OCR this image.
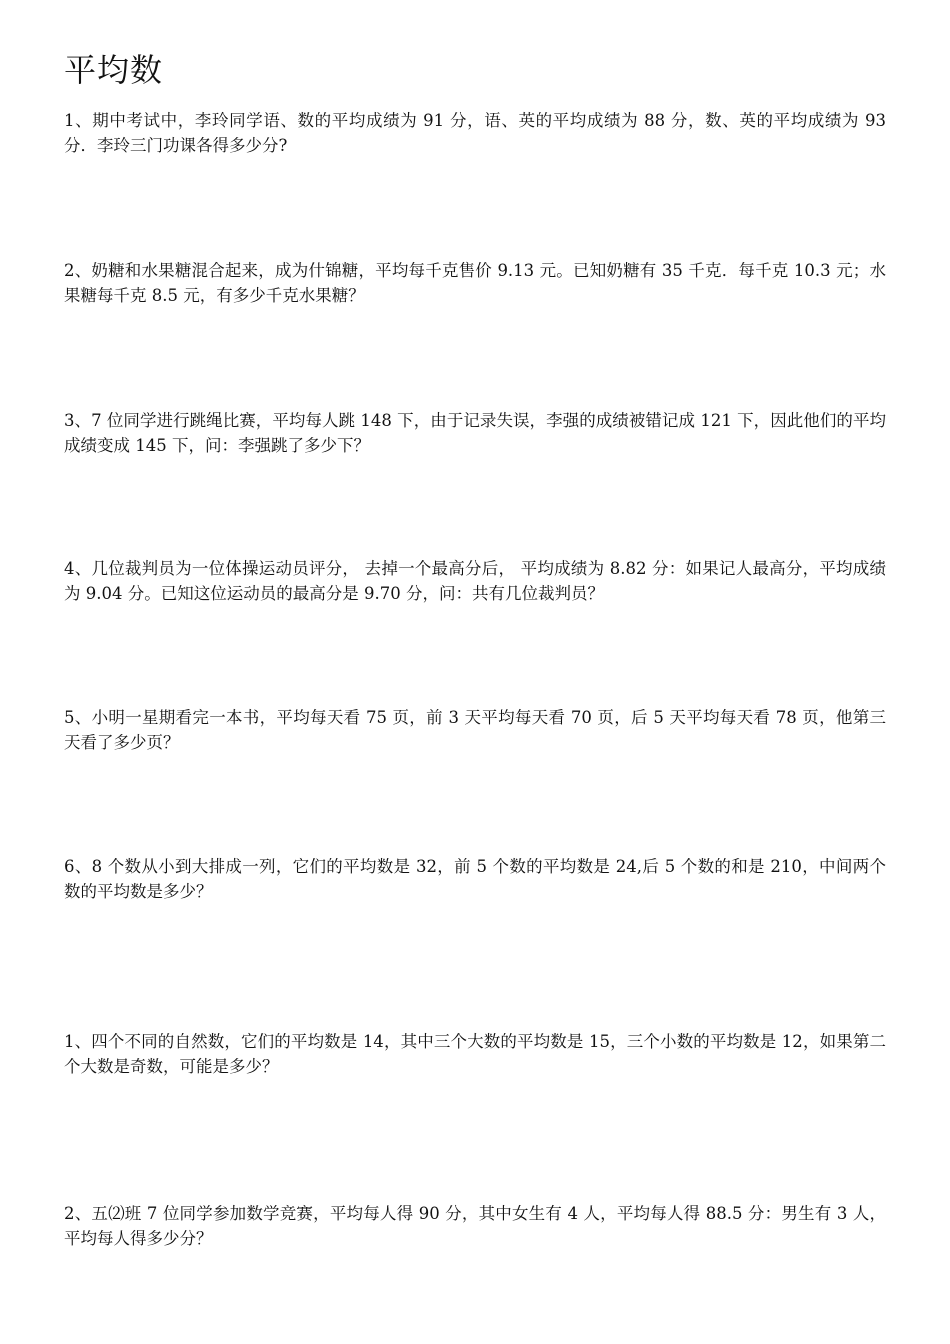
平均数

1、期中考试中，李玲同学语、数的平均成绩为 91 分，语、英的平均成绩为 88 分，数、英的平均成绩为 93 分．李玲三门功课各得多少分?

2、奶糖和水果糖混合起来，成为什锦糖，平均每千克售价 9.13 元。已知奶糖有 35 千克．每千克 10.3 元；水果糖每千克 8.5 元，有多少千克水果糖？

3、7 位同学进行跳绳比赛，平均每人跳 148 下，由于记录失误，李强的成绩被错记成 121 下，因此他们的平均成绩变成 145 下，问：李强跳了多少下？

4、几位裁判员为一位体操运动员评分， 去掉一个最高分后， 平均成绩为 8.82 分：如果记人最高分，平均成绩为 9.04 分。已知这位运动员的最高分是 9.70 分，问：共有几位裁判员？

5、小明一星期看完一本书，平均每天看 75 页，前 3 天平均每天看 70 页，后 5 天平均每天看 78 页，他第三天看了多少页？

6、8 个数从小到大排成一列，它们的平均数是 32，前 5 个数的平均数是 24,后 5 个数的和是 210，中间两个数的平均数是多少？

1、四个不同的自然数，它们的平均数是 14，其中三个大数的平均数是 15，三个小数的平均数是 12，如果第二个大数是奇数，可能是多少？

2、五⑵班 7 位同学参加数学竞赛，平均每人得 90 分，其中女生有 4 人，平均每人得 88.5 分：男生有 3 人，平均每人得多少分？
